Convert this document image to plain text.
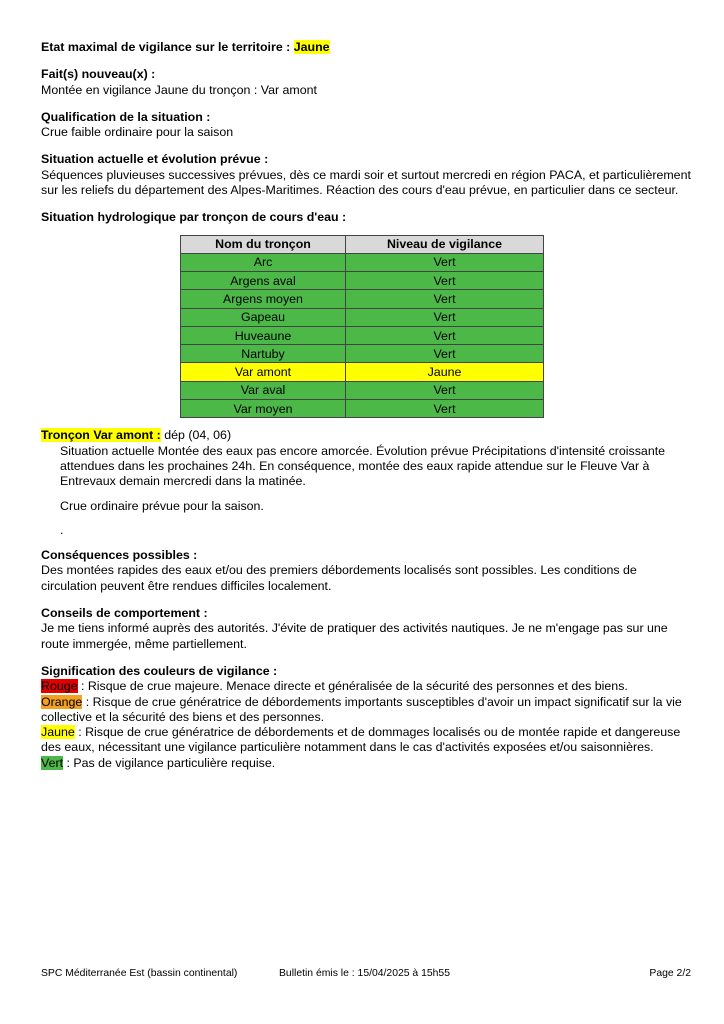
Etat maximal de vigilance sur le territoire : Jaune
Fait(s) nouveau(x) :
Montée en vigilance Jaune du tronçon : Var amont
Qualification de la situation :
Crue faible ordinaire pour la saison
Situation actuelle et évolution prévue :
Séquences pluvieuses successives prévues, dès ce mardi soir et surtout mercredi en région PACA, et particulièrement sur les reliefs du département des Alpes-Maritimes. Réaction des cours d'eau prévue, en particulier dans ce secteur.
Situation hydrologique par tronçon de cours d'eau :
Nom du tronçon	Niveau de vigilance
Arc	Vert
Argens aval	Vert
Argens moyen	Vert
Gapeau	Vert
Huveaune	Vert
Nartuby	Vert
Var amont	Jaune
Var aval	Vert
Var moyen	Vert
Tronçon Var amont : dép (04, 06)
Situation actuelle Montée des eaux pas encore amorcée. Évolution prévue Précipitations d'intensité croissante attendues dans les prochaines 24h. En conséquence, montée des eaux rapide attendue sur le Fleuve Var à Entrevaux demain mercredi dans la matinée.
Crue ordinaire prévue pour la saison.
.
Conséquences possibles :
Des montées rapides des eaux et/ou des premiers débordements localisés sont possibles. Les conditions de circulation peuvent être rendues difficiles localement.
Conseils de comportement :
Je me tiens informé auprès des autorités. J'évite de pratiquer des activités nautiques. Je ne m'engage pas sur une route immergée, même partiellement.
Signification des couleurs de vigilance :
Rouge : Risque de crue majeure. Menace directe et généralisée de la sécurité des personnes et des biens.
Orange : Risque de crue génératrice de débordements importants susceptibles d'avoir un impact significatif sur la vie collective et la sécurité des biens et des personnes.
Jaune : Risque de crue génératrice de débordements et de dommages localisés ou de montée rapide et dangereuse des eaux, nécessitant une vigilance particulière notamment dans le cas d'activités exposées et/ou saisonnières.
Vert : Pas de vigilance particulière requise.
SPC Méditerranée Est (bassin continental)	Bulletin émis le : 15/04/2025 à 15h55	Page 2/2
